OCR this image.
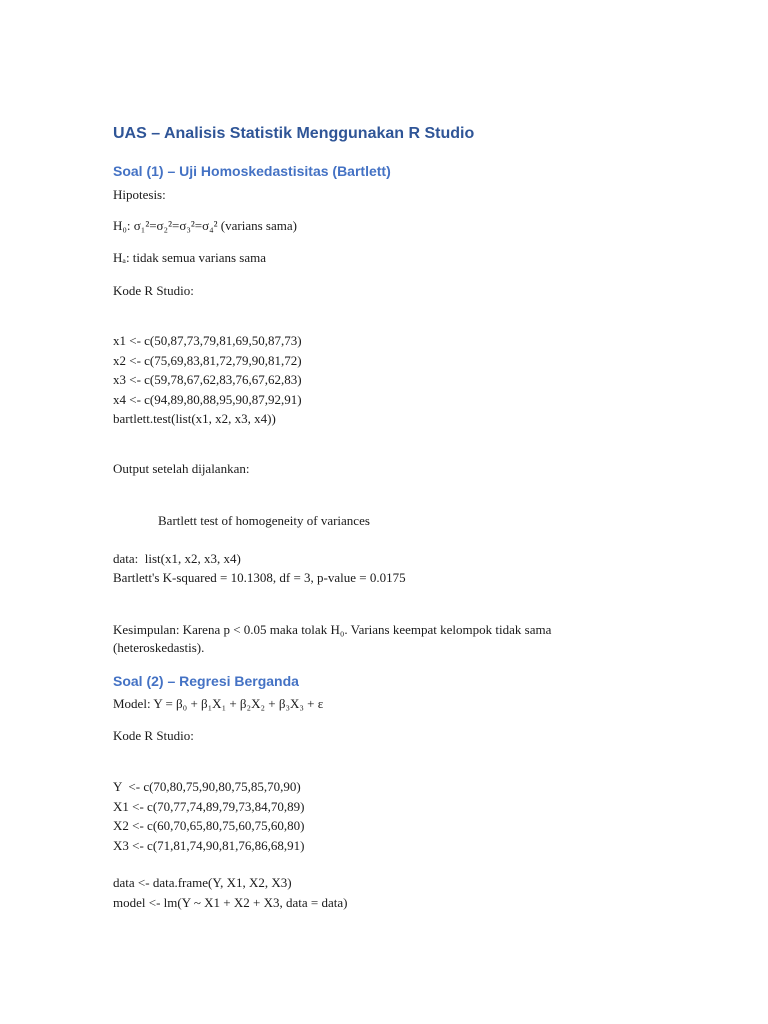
UAS – Analisis Statistik Menggunakan R Studio
Soal (1) – Uji Homoskedastisitas (Bartlett)
Hipotesis:
H₀: σ₁²=σ₂²=σ₃²=σ₄² (varians sama)
Hₐ: tidak semua varians sama
Kode R Studio:
x1 <- c(50,87,73,79,81,69,50,87,73)
x2 <- c(75,69,83,81,72,79,90,81,72)
x3 <- c(59,78,67,62,83,76,67,62,83)
x4 <- c(94,89,80,88,95,90,87,92,91)
bartlett.test(list(x1, x2, x3, x4))
Output setelah dijalankan:
Bartlett test of homogeneity of variances
data:  list(x1, x2, x3, x4)
Bartlett's K-squared = 10.1308, df = 3, p-value = 0.0175
Kesimpulan: Karena p < 0.05 maka tolak H₀. Varians keempat kelompok tidak sama (heteroskedastis).
Soal (2) – Regresi Berganda
Model: Y = β₀ + β₁X₁ + β₂X₂ + β₃X₃ + ε
Kode R Studio:
Y  <- c(70,80,75,90,80,75,85,70,90)
X1 <- c(70,77,74,89,79,73,84,70,89)
X2 <- c(60,70,65,80,75,60,75,60,80)
X3 <- c(71,81,74,90,81,76,86,68,91)
data <- data.frame(Y, X1, X2, X3)
model <- lm(Y ~ X1 + X2 + X3, data = data)
